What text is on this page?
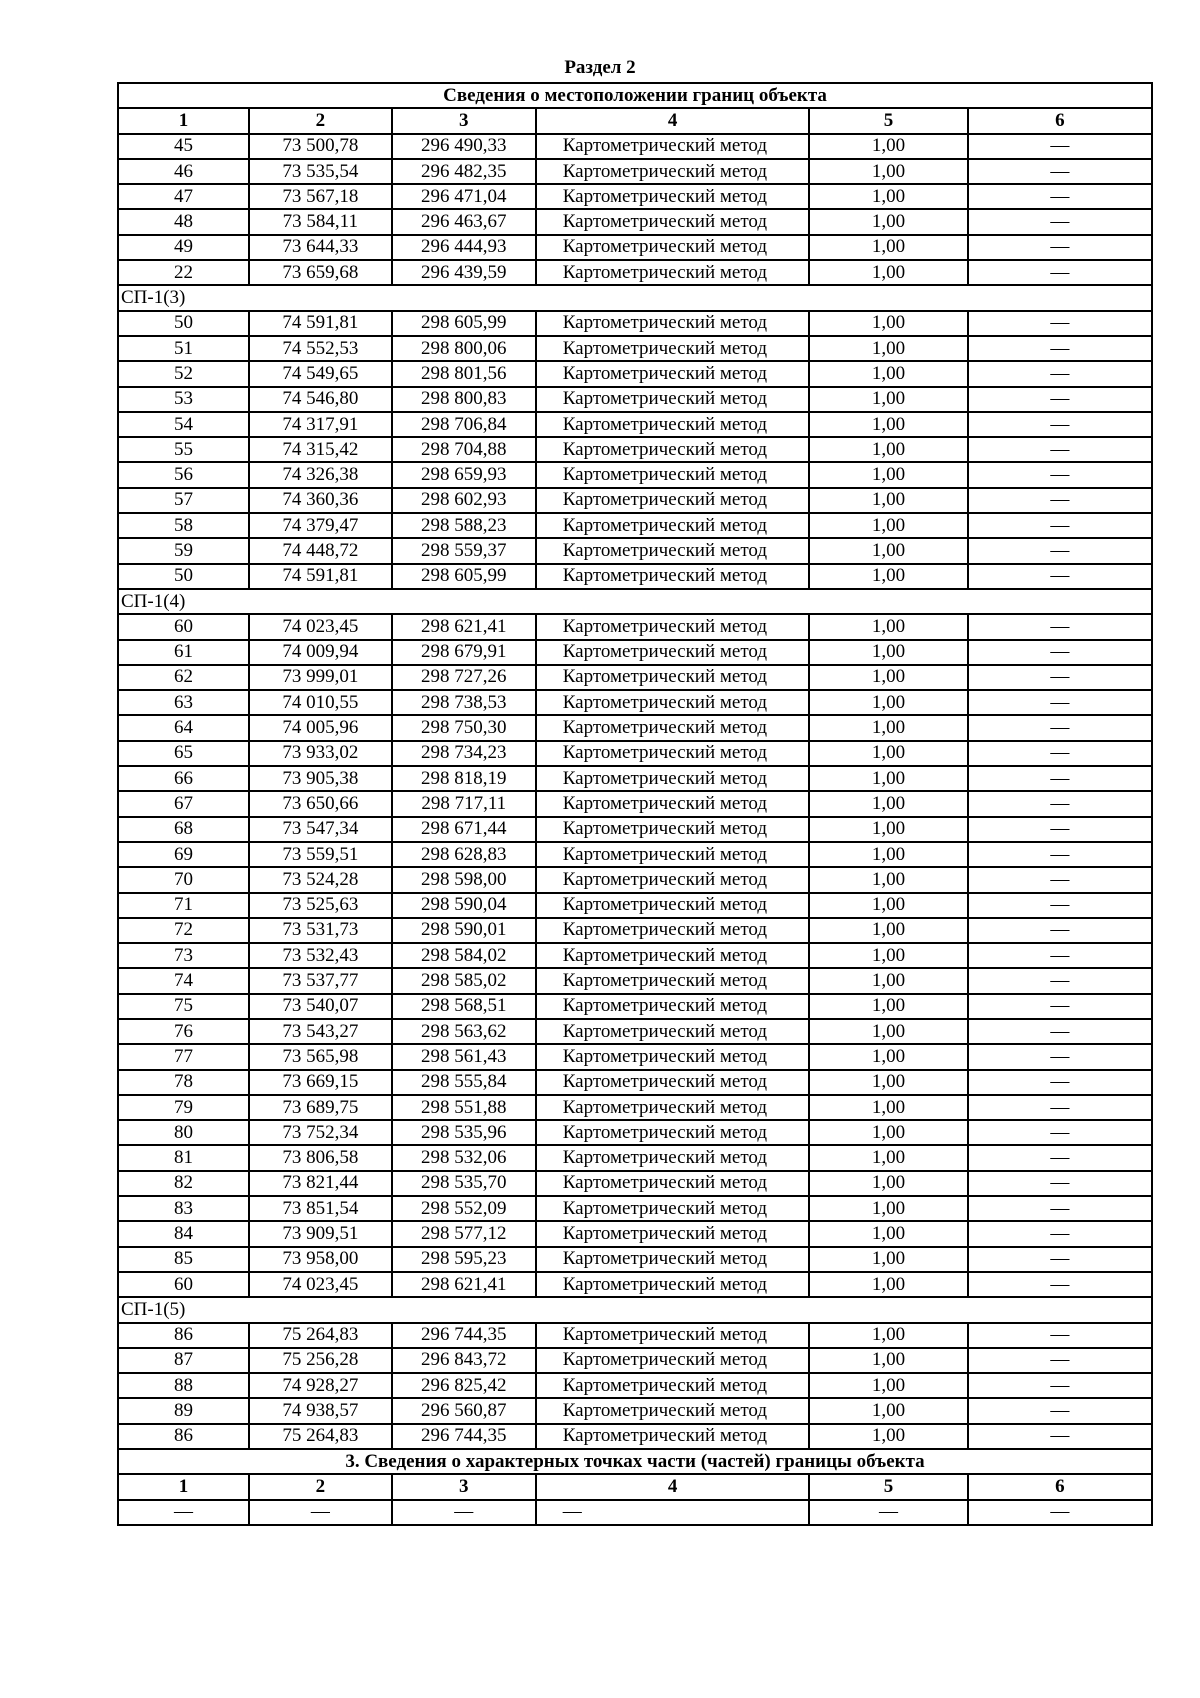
Раздел 2
Сведения о местоположении границ объекта					
1	2	3	4	5	6
45	73 500,78	296 490,33	Картометрический метод	1,00	—
46	73 535,54	296 482,35	Картометрический метод	1,00	—
47	73 567,18	296 471,04	Картометрический метод	1,00	—
48	73 584,11	296 463,67	Картометрический метод	1,00	—
49	73 644,33	296 444,93	Картометрический метод	1,00	—
22	73 659,68	296 439,59	Картометрический метод	1,00	—
СП-1(3)					
50	74 591,81	298 605,99	Картометрический метод	1,00	—
51	74 552,53	298 800,06	Картометрический метод	1,00	—
52	74 549,65	298 801,56	Картометрический метод	1,00	—
53	74 546,80	298 800,83	Картометрический метод	1,00	—
54	74 317,91	298 706,84	Картометрический метод	1,00	—
55	74 315,42	298 704,88	Картометрический метод	1,00	—
56	74 326,38	298 659,93	Картометрический метод	1,00	—
57	74 360,36	298 602,93	Картометрический метод	1,00	—
58	74 379,47	298 588,23	Картометрический метод	1,00	—
59	74 448,72	298 559,37	Картометрический метод	1,00	—
50	74 591,81	298 605,99	Картометрический метод	1,00	—
СП-1(4)					
60	74 023,45	298 621,41	Картометрический метод	1,00	—
61	74 009,94	298 679,91	Картометрический метод	1,00	—
62	73 999,01	298 727,26	Картометрический метод	1,00	—
63	74 010,55	298 738,53	Картометрический метод	1,00	—
64	74 005,96	298 750,30	Картометрический метод	1,00	—
65	73 933,02	298 734,23	Картометрический метод	1,00	—
66	73 905,38	298 818,19	Картометрический метод	1,00	—
67	73 650,66	298 717,11	Картометрический метод	1,00	—
68	73 547,34	298 671,44	Картометрический метод	1,00	—
69	73 559,51	298 628,83	Картометрический метод	1,00	—
70	73 524,28	298 598,00	Картометрический метод	1,00	—
71	73 525,63	298 590,04	Картометрический метод	1,00	—
72	73 531,73	298 590,01	Картометрический метод	1,00	—
73	73 532,43	298 584,02	Картометрический метод	1,00	—
74	73 537,77	298 585,02	Картометрический метод	1,00	—
75	73 540,07	298 568,51	Картометрический метод	1,00	—
76	73 543,27	298 563,62	Картометрический метод	1,00	—
77	73 565,98	298 561,43	Картометрический метод	1,00	—
78	73 669,15	298 555,84	Картометрический метод	1,00	—
79	73 689,75	298 551,88	Картометрический метод	1,00	—
80	73 752,34	298 535,96	Картометрический метод	1,00	—
81	73 806,58	298 532,06	Картометрический метод	1,00	—
82	73 821,44	298 535,70	Картометрический метод	1,00	—
83	73 851,54	298 552,09	Картометрический метод	1,00	—
84	73 909,51	298 577,12	Картометрический метод	1,00	—
85	73 958,00	298 595,23	Картометрический метод	1,00	—
60	74 023,45	298 621,41	Картометрический метод	1,00	—
СП-1(5)					
86	75 264,83	296 744,35	Картометрический метод	1,00	—
87	75 256,28	296 843,72	Картометрический метод	1,00	—
88	74 928,27	296 825,42	Картометрический метод	1,00	—
89	74 938,57	296 560,87	Картометрический метод	1,00	—
86	75 264,83	296 744,35	Картометрический метод	1,00	—
3. Сведения о характерных точках части (частей) границы объекта					
1	2	3	4	5	6
—	—	—	—	—	—
